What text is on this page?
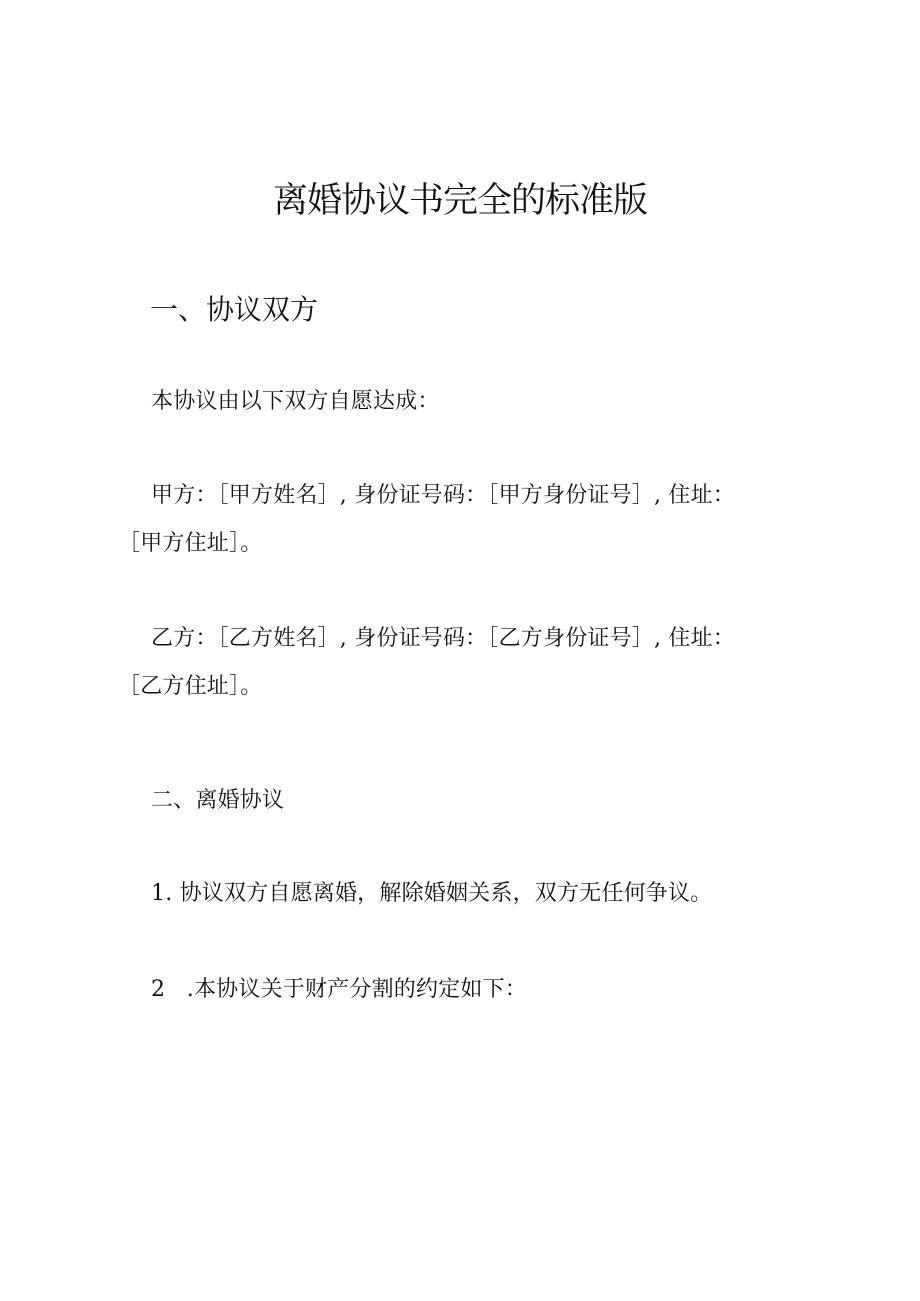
离婚协议书完全的标准版
一、协议双方

本协议由以下双方自愿达成：

甲方：［甲方姓名］, 身份证号码：［甲方身份证号］, 住址：
［甲方住址］。

乙方：［乙方姓名］, 身份证号码：［乙方身份证号］, 住址：
［乙方住址］。

二、离婚协议

1. 协议双方自愿离婚，解除婚姻关系，双方无任何争议。

2   .本协议关于财产分割的约定如下：
